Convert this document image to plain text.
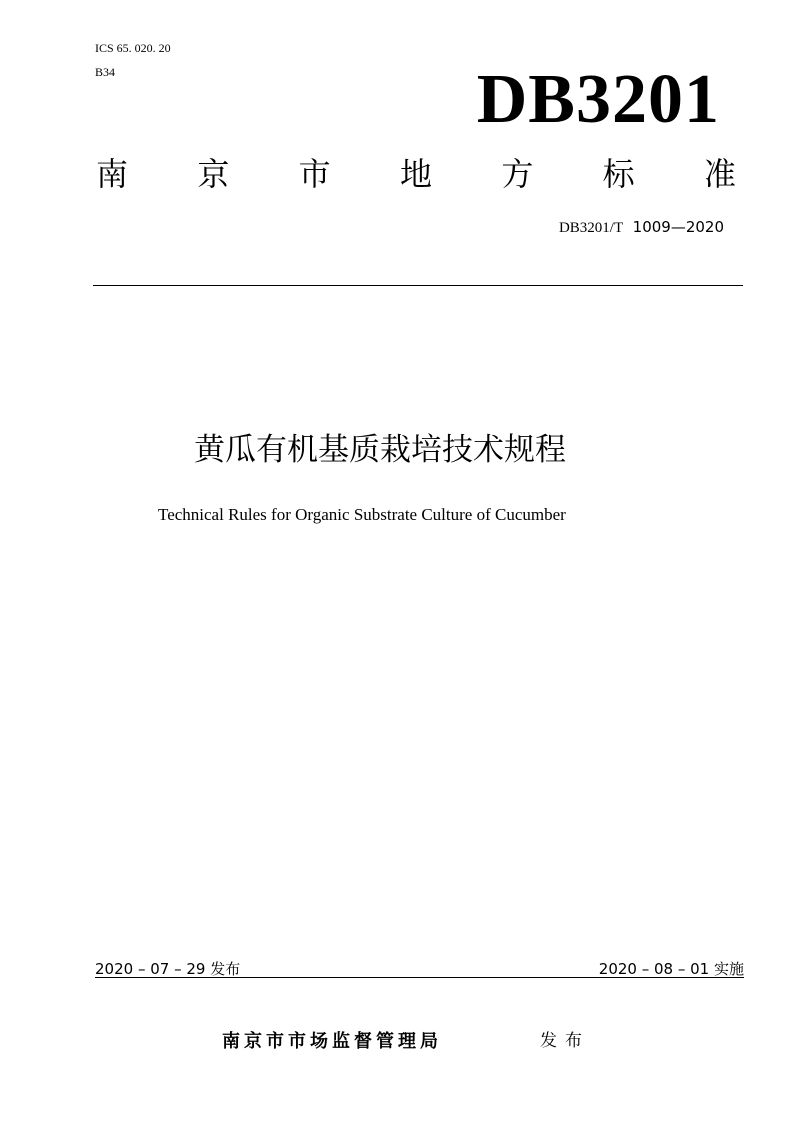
ICS 65. 020. 20
B34	DB3201
南 京 市 地 方 标 准
DB3201/T  1009—2020
黄瓜有机基质栽培技术规程
Technical Rules for Organic Substrate Culture of Cucumber
2020 – 07 – 29 发布	2020 – 08 – 01 实施
南京市市场监督管理局	发布
